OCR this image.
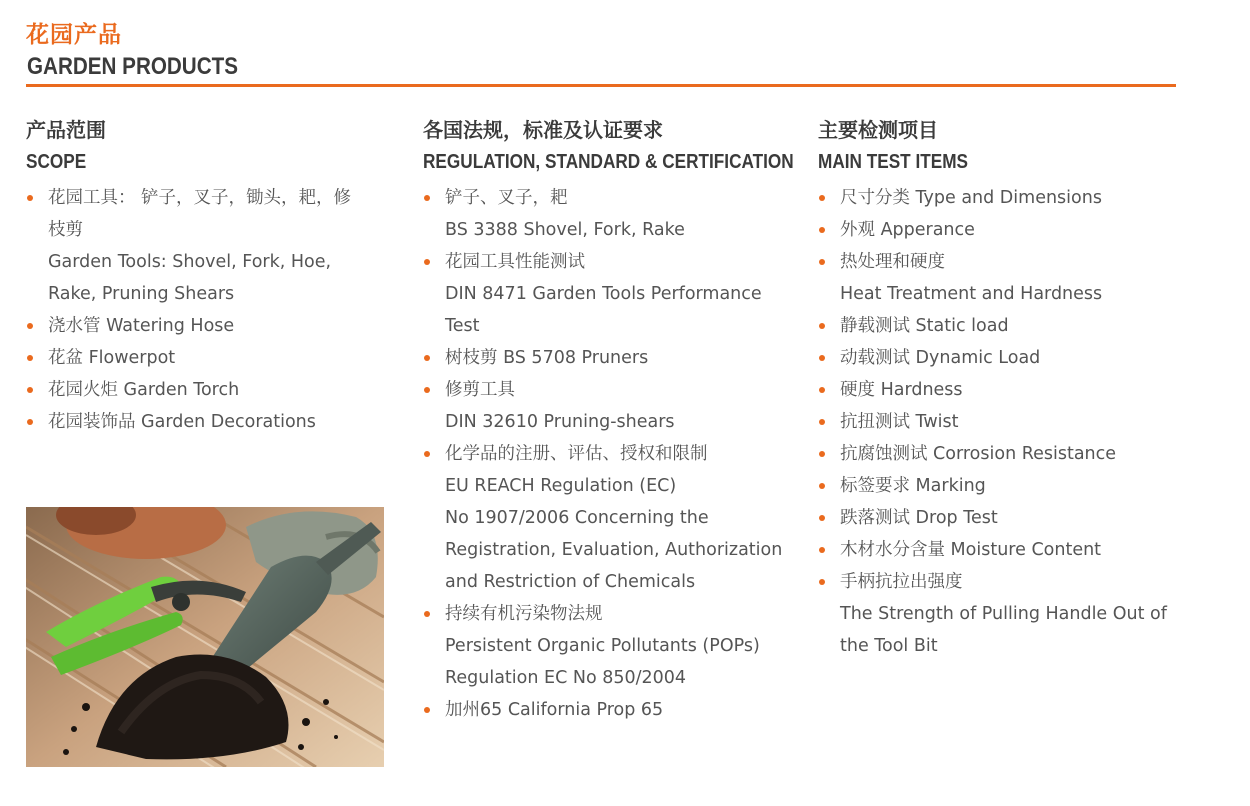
花园产品
GARDEN PRODUCTS
产品范围
SCOPE
花园工具： 铲子，叉子，锄头，耙，修
枝剪
Garden Tools: Shovel, Fork, Hoe,
Rake, Pruning Shears
浇水管 Watering Hose
花盆 Flowerpot
花园火炬 Garden Torch
花园装饰品 Garden Decorations
各国法规，标准及认证要求
REGULATION, STANDARD & CERTIFICATION
铲子、叉子，耙
BS 3388 Shovel, Fork, Rake
花园工具性能测试
DIN 8471 Garden Tools Performance
Test
树枝剪 BS 5708 Pruners
修剪工具
DIN 32610 Pruning-shears
化学品的注册、评估、授权和限制
EU REACH Regulation (EC)
No 1907/2006 Concerning the
Registration, Evaluation, Authorization
and Restriction of Chemicals
持续有机污染物法规
Persistent Organic Pollutants (POPs)
Regulation EC No 850/2004
加州65 California Prop 65
主要检测项目
MAIN TEST ITEMS
尺寸分类 Type and Dimensions
外观 Apperance
热处理和硬度
Heat Treatment and Hardness
静载测试 Static load
动载测试 Dynamic Load
硬度 Hardness
抗扭测试 Twist
抗腐蚀测试 Corrosion Resistance
标签要求 Marking
跌落测试 Drop Test
木材水分含量 Moisture Content
手柄抗拉出强度
The Strength of Pulling Handle Out of
the Tool Bit
